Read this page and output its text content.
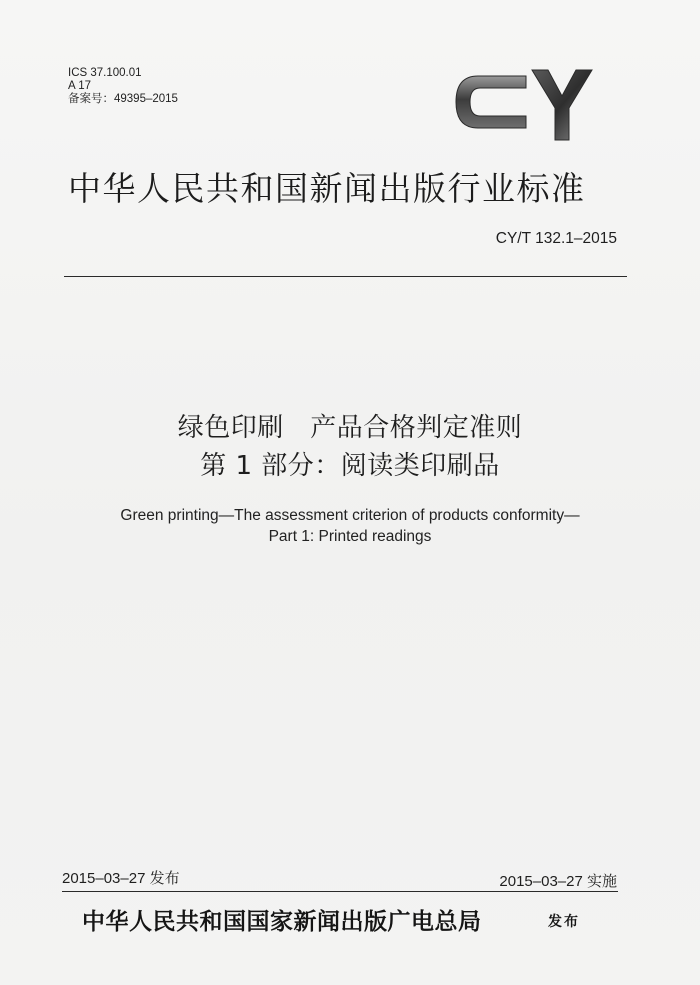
ICS 37.100.01
A 17
备案号：49395–2015
CY
中华人民共和国新闻出版行业标准
CY/T 132.1–2015
绿色印刷　产品合格判定准则
第 1 部分：阅读类印刷品
Green printing—The assessment criterion of products conformity—
Part 1: Printed readings
2015–03–27 发布	2015–03–27 实施
中华人民共和国国家新闻出版广电总局	发布
